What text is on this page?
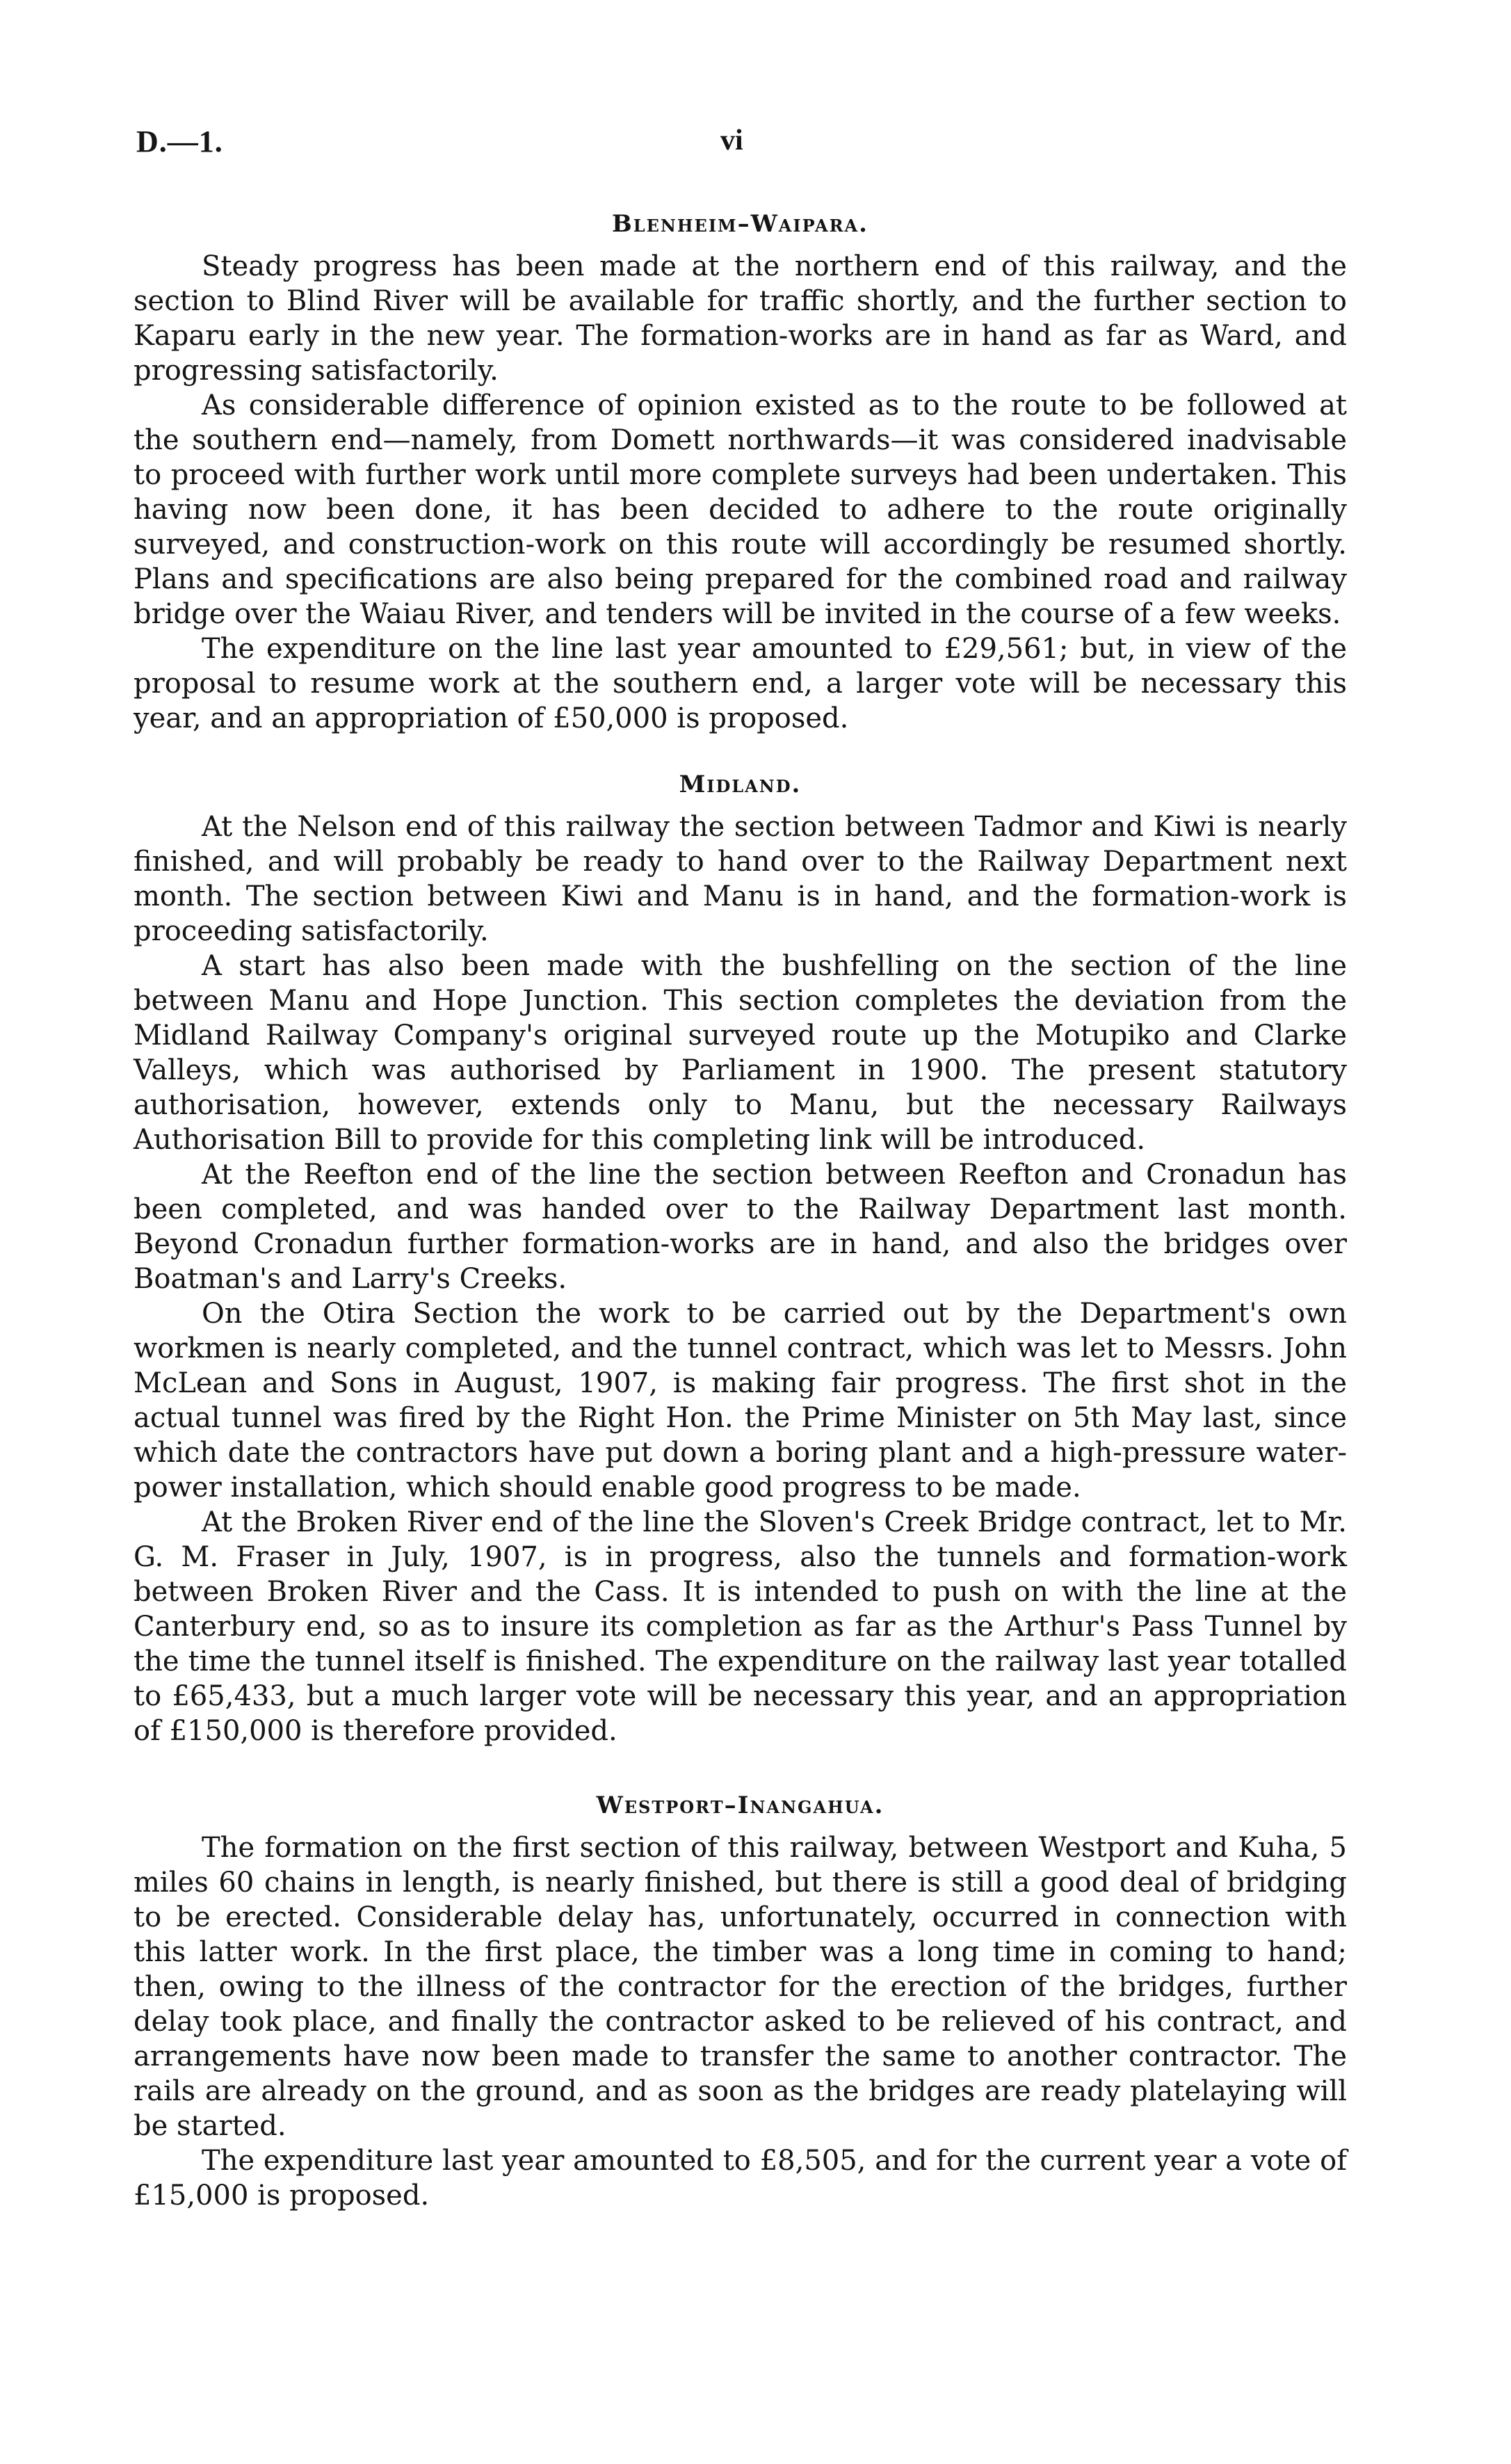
D.—1.	vi
Blenheim–Waipara.

Steady progress has been made at the northern end of this railway, and the section to Blind River will be available for traffic shortly, and the further section to Kaparu early in the new year. The formation-works are in hand as far as Ward, and progressing satisfactorily.

As considerable difference of opinion existed as to the route to be followed at the southern end—namely, from Domett northwards—it was considered inadvisable to proceed with further work until more complete surveys had been undertaken. This having now been done, it has been decided to adhere to the route originally surveyed, and construction-work on this route will accordingly be resumed shortly. Plans and specifications are also being prepared for the combined road and railway bridge over the Waiau River, and tenders will be invited in the course of a few weeks.

The expenditure on the line last year amounted to £29,561; but, in view of the proposal to resume work at the southern end, a larger vote will be necessary this year, and an appropriation of £50,000 is proposed.

Midland.

At the Nelson end of this railway the section between Tadmor and Kiwi is nearly finished, and will probably be ready to hand over to the Railway Department next month. The section between Kiwi and Manu is in hand, and the formation-work is proceeding satisfactorily.

A start has also been made with the bushfelling on the section of the line between Manu and Hope Junction. This section completes the deviation from the Midland Railway Company's original surveyed route up the Motupiko and Clarke Valleys, which was authorised by Parliament in 1900. The present statutory authorisation, however, extends only to Manu, but the necessary Railways Authorisation Bill to provide for this completing link will be introduced.

At the Reefton end of the line the section between Reefton and Cronadun has been completed, and was handed over to the Railway Department last month. Beyond Cronadun further formation-works are in hand, and also the bridges over Boatman's and Larry's Creeks.

On the Otira Section the work to be carried out by the Department's own workmen is nearly completed, and the tunnel contract, which was let to Messrs. John McLean and Sons in August, 1907, is making fair progress. The first shot in the actual tunnel was fired by the Right Hon. the Prime Minister on 5th May last, since which date the contractors have put down a boring plant and a high-pressure water-power installation, which should enable good progress to be made.

At the Broken River end of the line the Sloven's Creek Bridge contract, let to Mr. G. M. Fraser in July, 1907, is in progress, also the tunnels and formation-work between Broken River and the Cass. It is intended to push on with the line at the Canterbury end, so as to insure its completion as far as the Arthur's Pass Tunnel by the time the tunnel itself is finished. The expenditure on the railway last year totalled to £65,433, but a much larger vote will be necessary this year, and an appropriation of £150,000 is therefore provided.

Westport–Inangahua.

The formation on the first section of this railway, between Westport and Kuha, 5 miles 60 chains in length, is nearly finished, but there is still a good deal of bridging to be erected. Considerable delay has, unfortunately, occurred in connection with this latter work. In the first place, the timber was a long time in coming to hand; then, owing to the illness of the contractor for the erection of the bridges, further delay took place, and finally the contractor asked to be relieved of his contract, and arrangements have now been made to transfer the same to another contractor. The rails are already on the ground, and as soon as the bridges are ready platelaying will be started.

The expenditure last year amounted to £8,505, and for the current year a vote of £15,000 is proposed.
